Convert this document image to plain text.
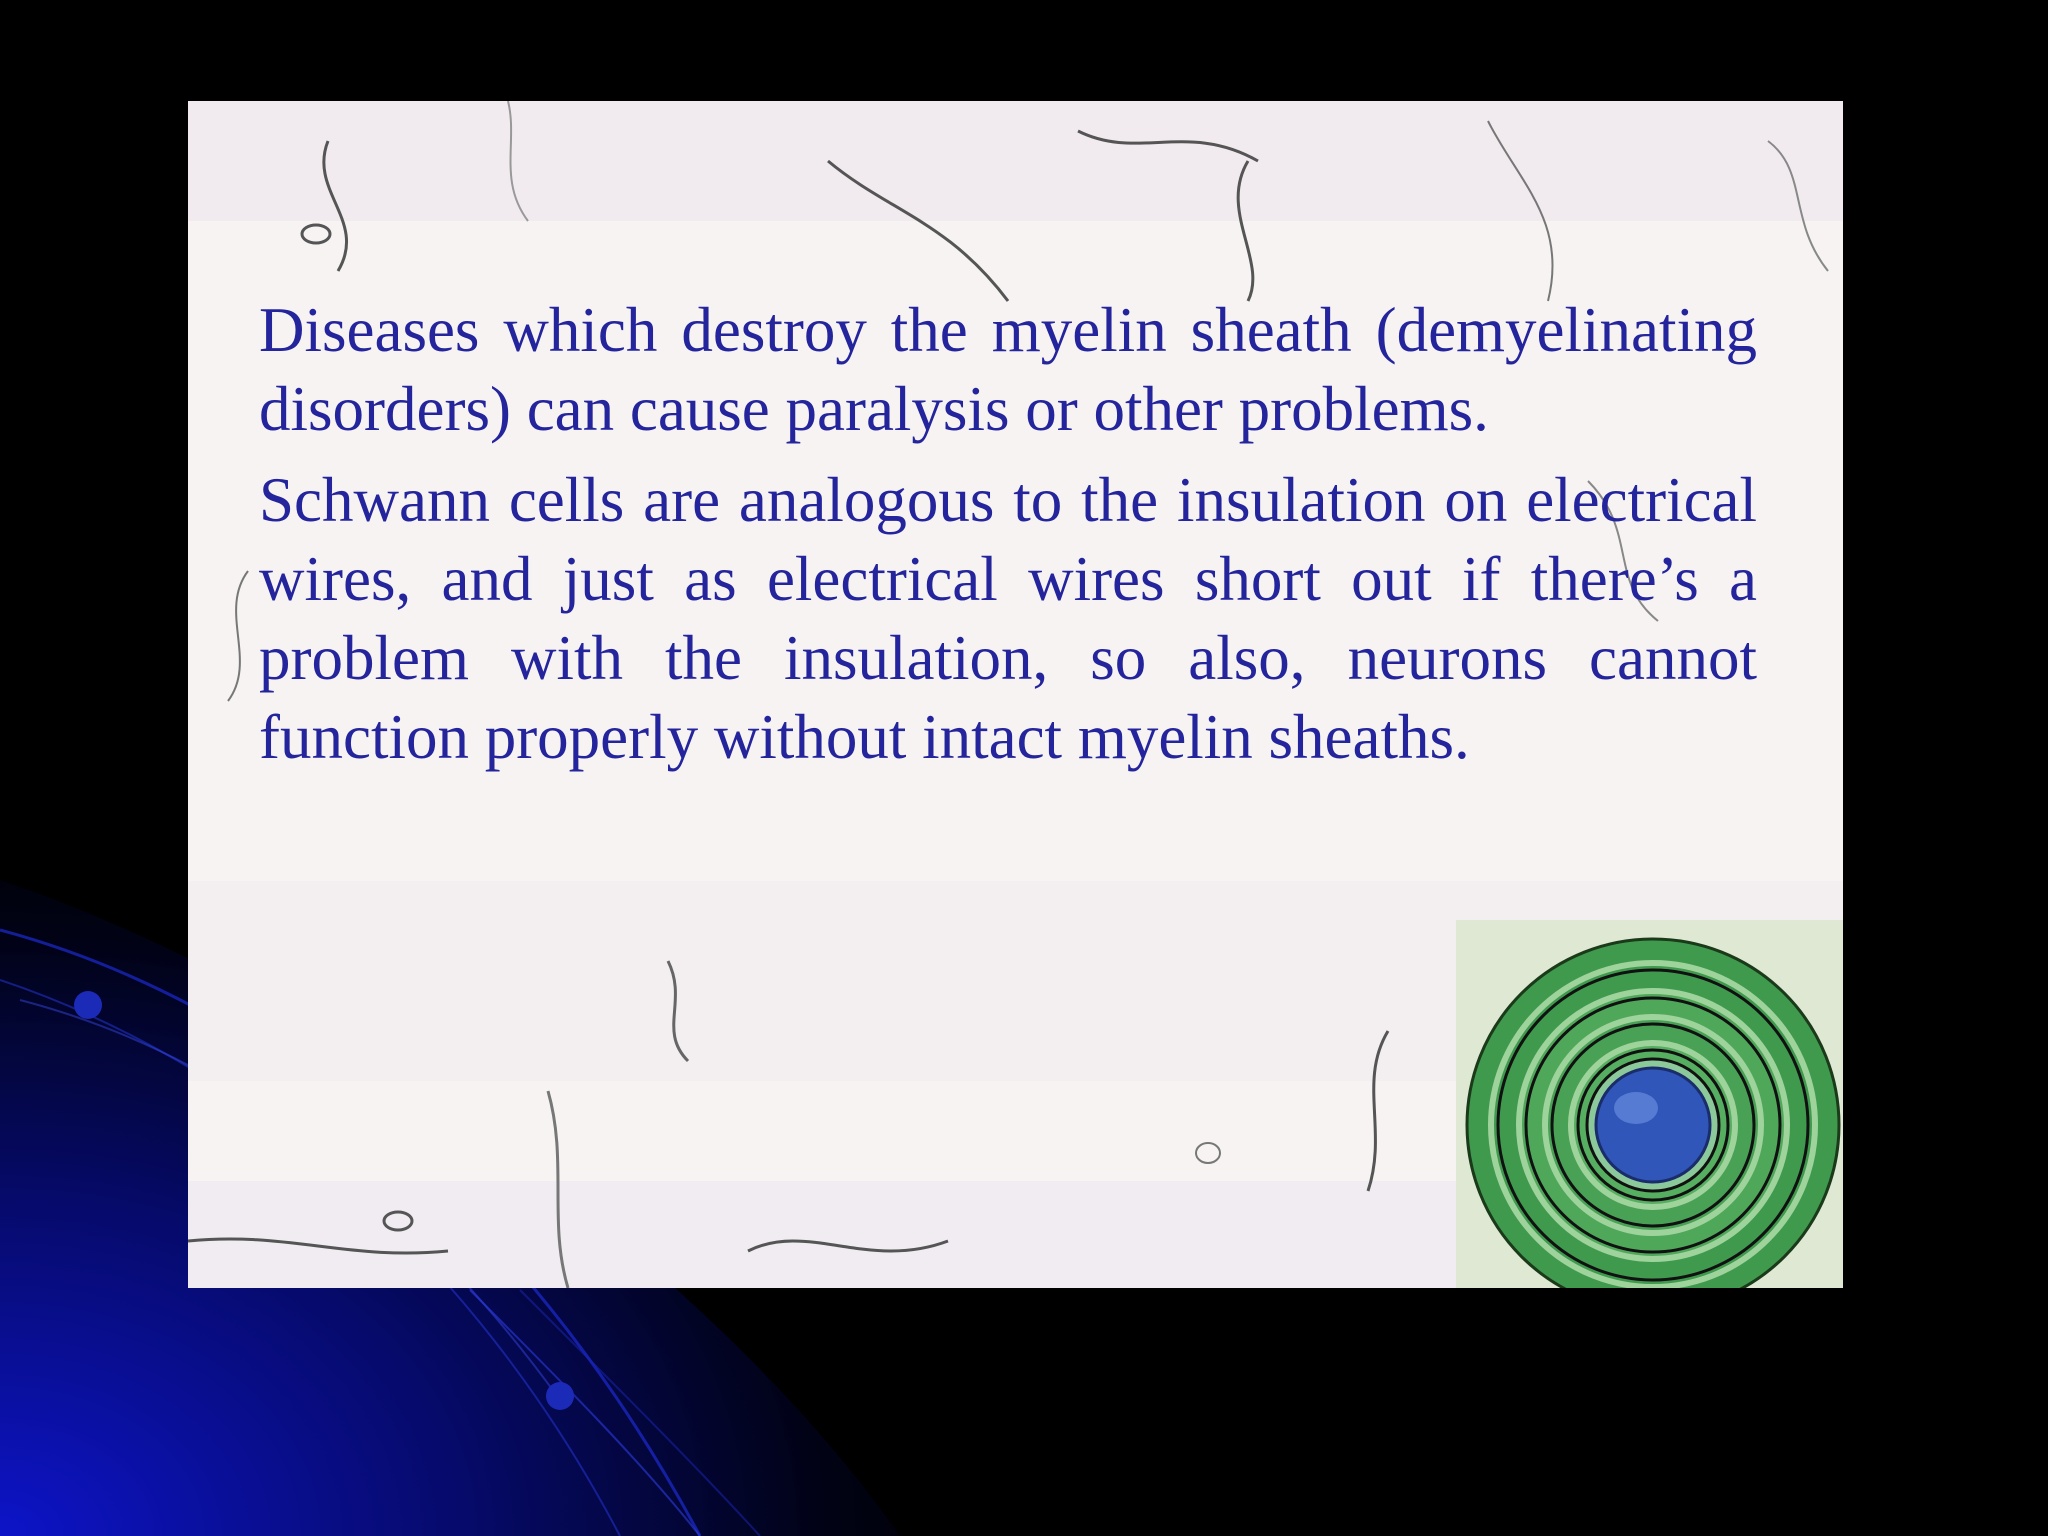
Diseases which destroy the myelin sheath (demyelinating disorders) can cause paralysis or other problems.

Schwann cells are analogous to the insulation on electrical wires, and just as electrical wires short out if there’s a problem with the insulation, so also, neurons cannot function properly without intact myelin sheaths.
